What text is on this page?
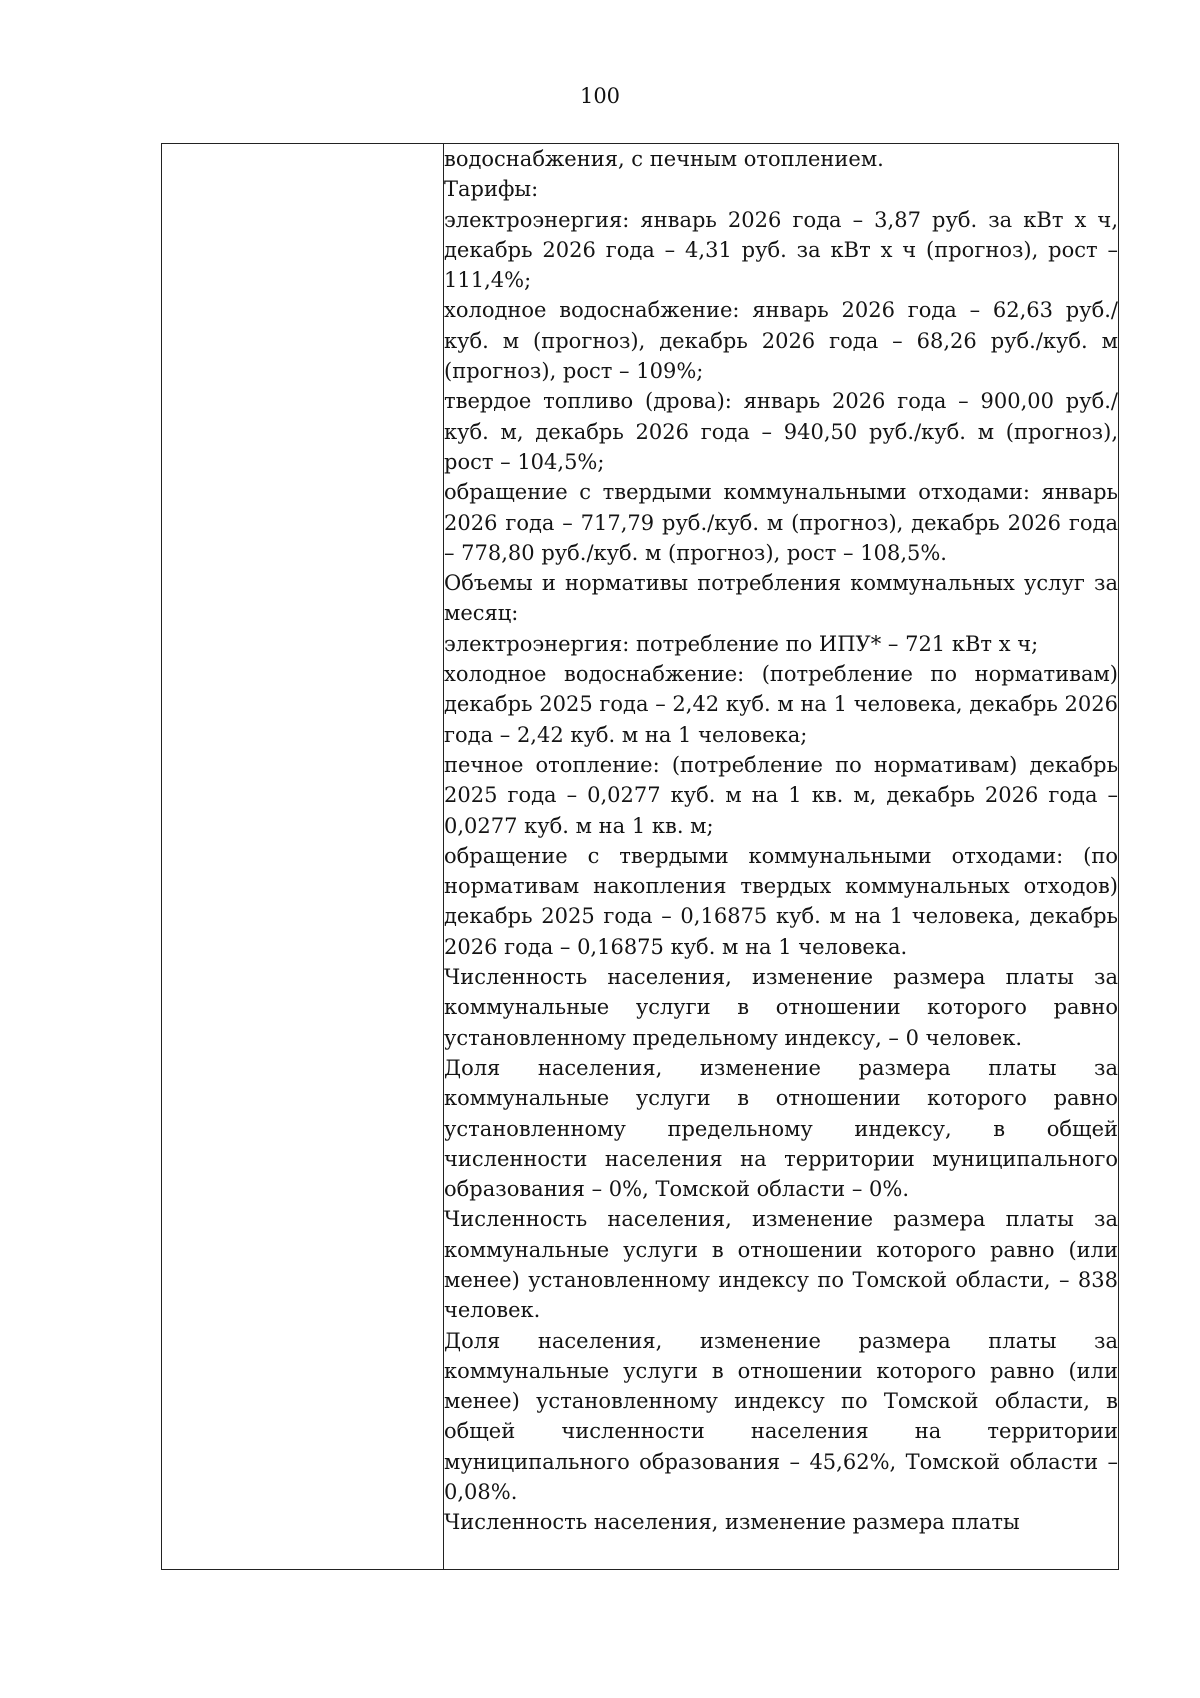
100

водоснабжения, с печным отоплением.

Тарифы:

электроэнергия: январь 2026 года – 3,87 руб. за кВт х ч, декабрь 2026 года – 4,31 руб. за кВт х ч (прогноз), рост – 111,4%;

холодное водоснабжение: январь 2026 года – 62,63 руб./куб. м (прогноз), декабрь 2026 года – 68,26 руб./куб. м (прогноз), рост – 109%;

твердое топливо (дрова): январь 2026 года – 900,00 руб./куб. м, декабрь 2026 года – 940,50 руб./куб. м (прогноз), рост – 104,5%;

обращение с твердыми коммунальными отходами: январь 2026 года – 717,79 руб./куб. м (прогноз), декабрь 2026 года – 778,80 руб./куб. м (прогноз), рост – 108,5%.

Объемы и нормативы потребления коммунальных услуг за месяц:

электроэнергия: потребление по ИПУ* – 721 кВт х ч;

холодное водоснабжение: (потребление по нормативам) декабрь 2025 года – 2,42 куб. м на 1 человека, декабрь 2026 года – 2,42 куб. м на 1 человека;

печное отопление: (потребление по нормативам) декабрь 2025 года – 0,0277 куб. м на 1 кв. м, декабрь 2026 года – 0,0277 куб. м на 1 кв. м;

обращение с твердыми коммунальными отходами: (по нормативам накопления твердых коммунальных отходов) декабрь 2025 года – 0,16875 куб. м на 1 человека, декабрь 2026 года – 0,16875 куб. м на 1 человека.

Численность населения, изменение размера платы за коммунальные услуги в отношении которого равно установленному предельному индексу, – 0 человек.

Доля населения, изменение размера платы за коммунальные услуги в отношении которого равно установленному предельному индексу, в общей численности населения на территории муниципального образования – 0%, Томской области – 0%.

Численность населения, изменение размера платы за коммунальные услуги в отношении которого равно (или менее) установленному индексу по Томской области, – 838 человек.

Доля населения, изменение размера платы за коммунальные услуги в отношении которого равно (или менее) установленному индексу по Томской области, в общей численности населения на территории муниципального образования – 45,62%, Томской области – 0,08%.

Численность населения, изменение размера платы
